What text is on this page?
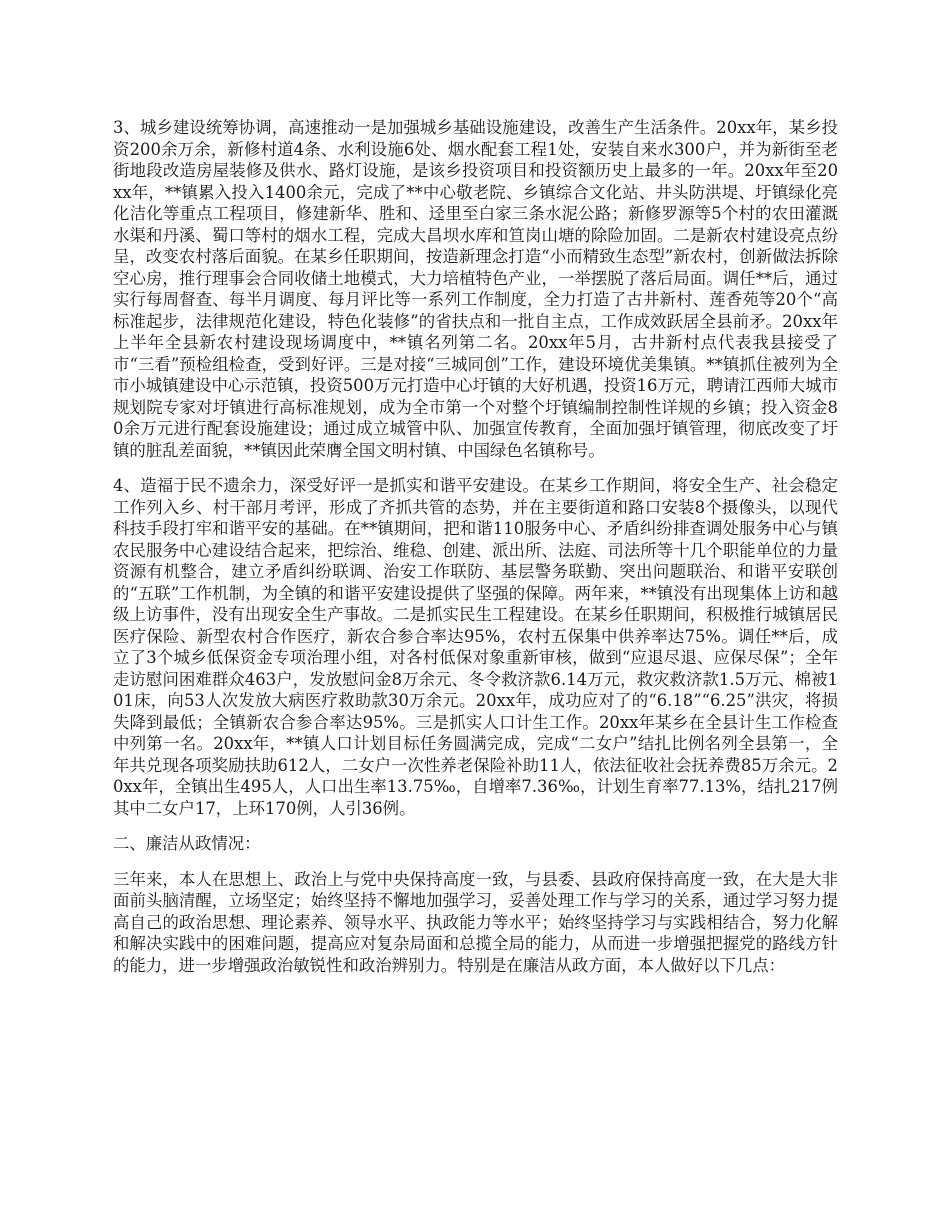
3、城乡建设统筹协调，高速推动一是加强城乡基础设施建设，改善生产生活条件。20xx年，某乡投资200余万余，新修村道4条、水利设施6处、烟水配套工程1处，安装自来水300户，并为新街至老街地段改造房屋装修及供水、路灯设施，是该乡投资项目和投资额历史上最多的一年。20xx年至20xx年，**镇累入投入1400余元，完成了**中心敬老院、乡镇综合文化站、井头防洪堤、圩镇绿化亮化洁化等重点工程项目，修建新华、胜和、迳里至白家三条水泥公路；新修罗源等5个村的农田灌溉水渠和丹溪、蜀口等村的烟水工程，完成大昌坝水库和笪岗山塘的除险加固。二是新农村建设亮点纷呈，改变农村落后面貌。在某乡任职期间，按造新理念打造“小而精致生态型”新农村，创新做法拆除空心房，推行理事会合同收储土地模式，大力培植特色产业，一举摆脱了落后局面。调任**后，通过实行每周督查、每半月调度、每月评比等一系列工作制度，全力打造了古井新村、莲香苑等20个“高标准起步，法律规范化建设，特色化装修”的省扶点和一批自主点，工作成效跃居全县前矛。20xx年上半年全县新农村建设现场调度中，**镇名列第二名。20xx年5月，古井新村点代表我县接受了市“三看”预检组检查，受到好评。三是对接“三城同创”工作，建设环境优美集镇。**镇抓住被列为全市小城镇建设中心示范镇，投资500万元打造中心圩镇的大好机遇，投资16万元，聘请江西师大城市规划院专家对圩镇进行高标准规划，成为全市第一个对整个圩镇编制控制性详规的乡镇；投入资金80余万元进行配套设施建设；通过成立城管中队、加强宣传教育，全面加强圩镇管理，彻底改变了圩镇的脏乱差面貌，**镇因此荣膺全国文明村镇、中国绿色名镇称号。

4、造福于民不遗余力，深受好评一是抓实和谐平安建设。在某乡工作期间，将安全生产、社会稳定工作列入乡、村干部月考评，形成了齐抓共管的态势，并在主要街道和路口安装8个摄像头，以现代科技手段打牢和谐平安的基础。在**镇期间，把和谐110服务中心、矛盾纠纷排查调处服务中心与镇农民服务中心建设结合起来，把综治、维稳、创建、派出所、法庭、司法所等十几个职能单位的力量资源有机整合，建立矛盾纠纷联调、治安工作联防、基层警务联勤、突出问题联治、和谐平安联创的“五联”工作机制，为全镇的和谐平安建设提供了坚强的保障。两年来，**镇没有出现集体上访和越级上访事件，没有出现安全生产事故。二是抓实民生工程建设。在某乡任职期间，积极推行城镇居民医疗保险、新型农村合作医疗，新农合参合率达95%，农村五保集中供养率达75%。调任**后，成立了3个城乡低保资金专项治理小组，对各村低保对象重新审核，做到“应退尽退、应保尽保”；全年走访慰问困难群众463户，发放慰问金8万余元、冬令救济款6.14万元，救灾救济款1.5万元、棉被101床，向53人次发放大病医疗救助款30万余元。20xx年，成功应对了的“6.18”“6.25”洪灾，将损失降到最低；全镇新农合参合率达95%。三是抓实人口计生工作。20xx年某乡在全县计生工作检查中列第一名。20xx年，**镇人口计划目标任务圆满完成，完成“二女户”结扎比例名列全县第一，全年共兑现各项奖励扶助612人，二女户一次性养老保险补助11人，依法征收社会抚养费85万余元。20xx年，全镇出生495人，人口出生率13.75‰，自增率7.36‰，计划生育率77.13%，结扎217例其中二女户17，上环170例，人引36例。

二、廉洁从政情况：

三年来，本人在思想上、政治上与党中央保持高度一致，与县委、县政府保持高度一致，在大是大非面前头脑清醒，立场坚定；始终坚持不懈地加强学习，妥善处理工作与学习的关系，通过学习努力提高自己的政治思想、理论素养、领导水平、执政能力等水平；始终坚持学习与实践相结合，努力化解和解决实践中的困难问题，提高应对复杂局面和总揽全局的能力，从而进一步增强把握党的路线方针的能力，进一步增强政治敏锐性和政治辨别力。特别是在廉洁从政方面，本人做好以下几点：
